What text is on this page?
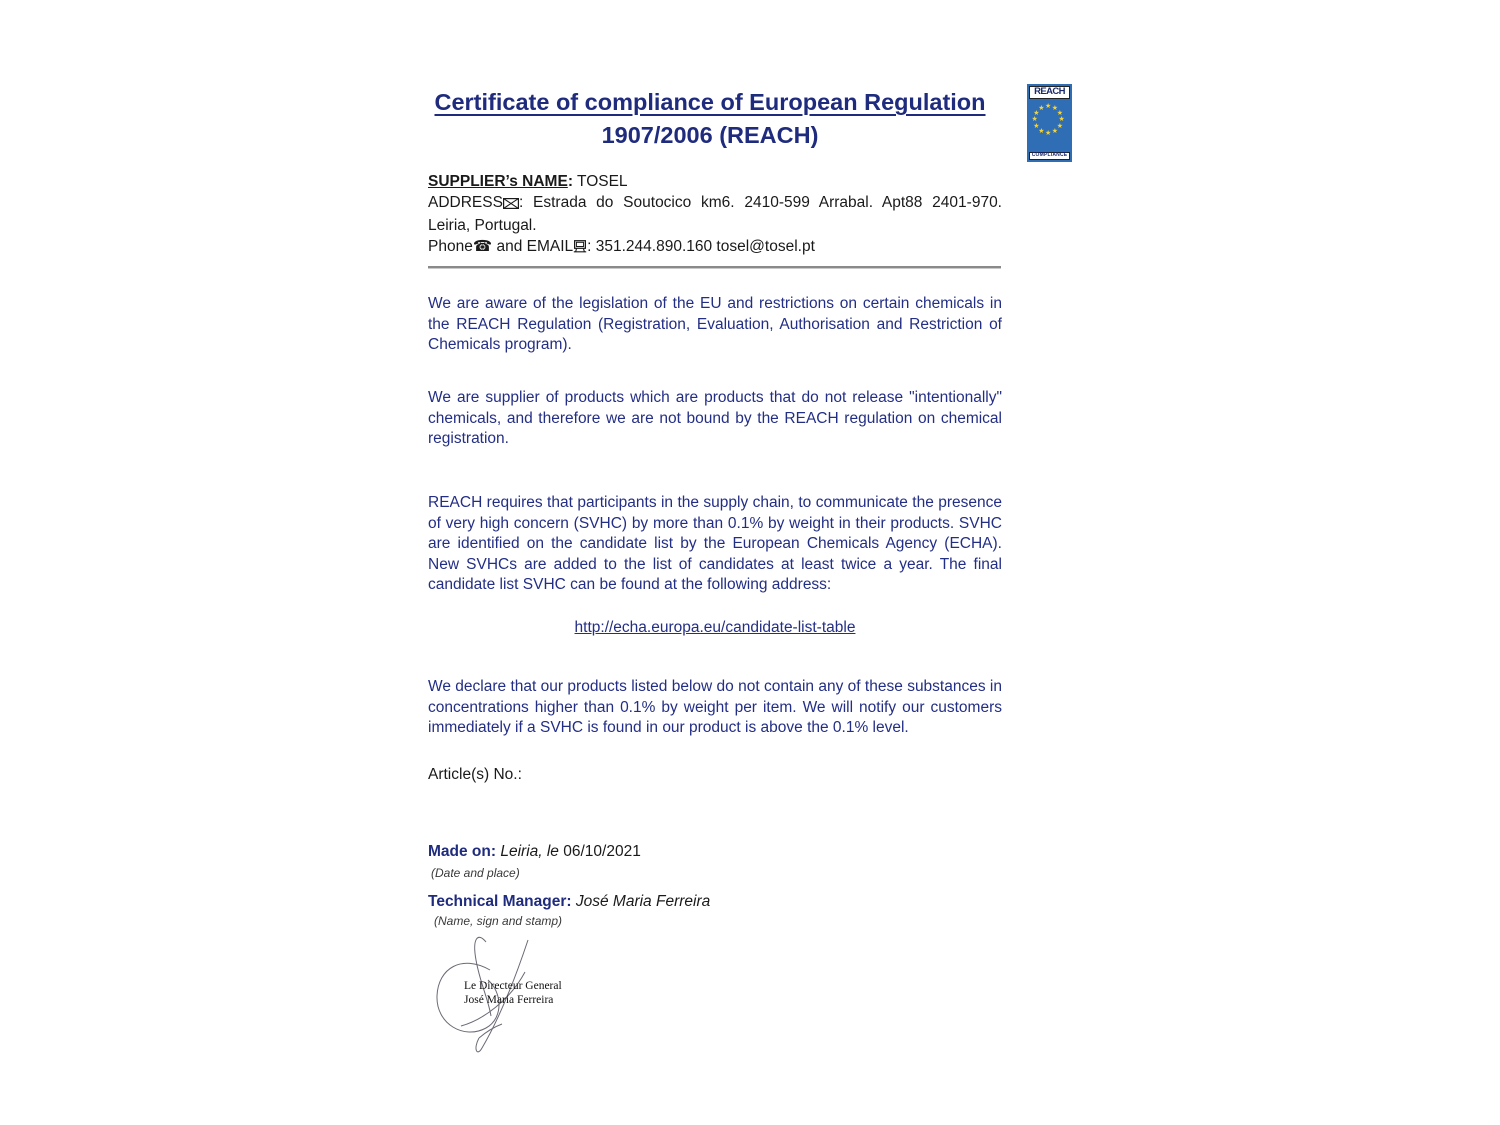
Certificate of compliance of European Regulation
1907/2006 (REACH)
REACH
★ ★
★
★
★
★
★
★
★
★
★
★
COMPLIANCE
SUPPLIER’s NAME: TOSEL
ADDRESS : Estrada do Soutocico km6. 2410-599 Arrabal. Apt88 2401-970. Leiria, Portugal.
Phone☎ and EMAIL : 351.244.890.160 tosel@tosel.pt
We are aware of the legislation of the EU and restrictions on certain chemicals in the REACH Regulation (Registration, Evaluation, Authorisation and Restriction of Chemicals program).
We are supplier of products which are products that do not release "intentionally" chemicals, and therefore we are not bound by the REACH regulation on chemical registration.
REACH requires that participants in the supply chain, to communicate the presence of very high concern (SVHC) by more than 0.1% by weight in their products. SVHC are identified on the candidate list by the European Chemicals Agency (ECHA). New SVHCs are added to the list of candidates at least twice a year. The final candidate list SVHC can be found at the following address:
http://echa.europa.eu/candidate-list-table
We declare that our products listed below do not contain any of these substances in concentrations higher than 0.1% by weight per item. We will notify our customers immediately if a SVHC is found in our product is above the 0.1% level.
Article(s) No.:
Made on: Leiria, le 06/10/2021
(Date and place)
Technical Manager: José Maria Ferreira
(Name, sign and stamp)
Le Directeur General
José Maria Ferreira
